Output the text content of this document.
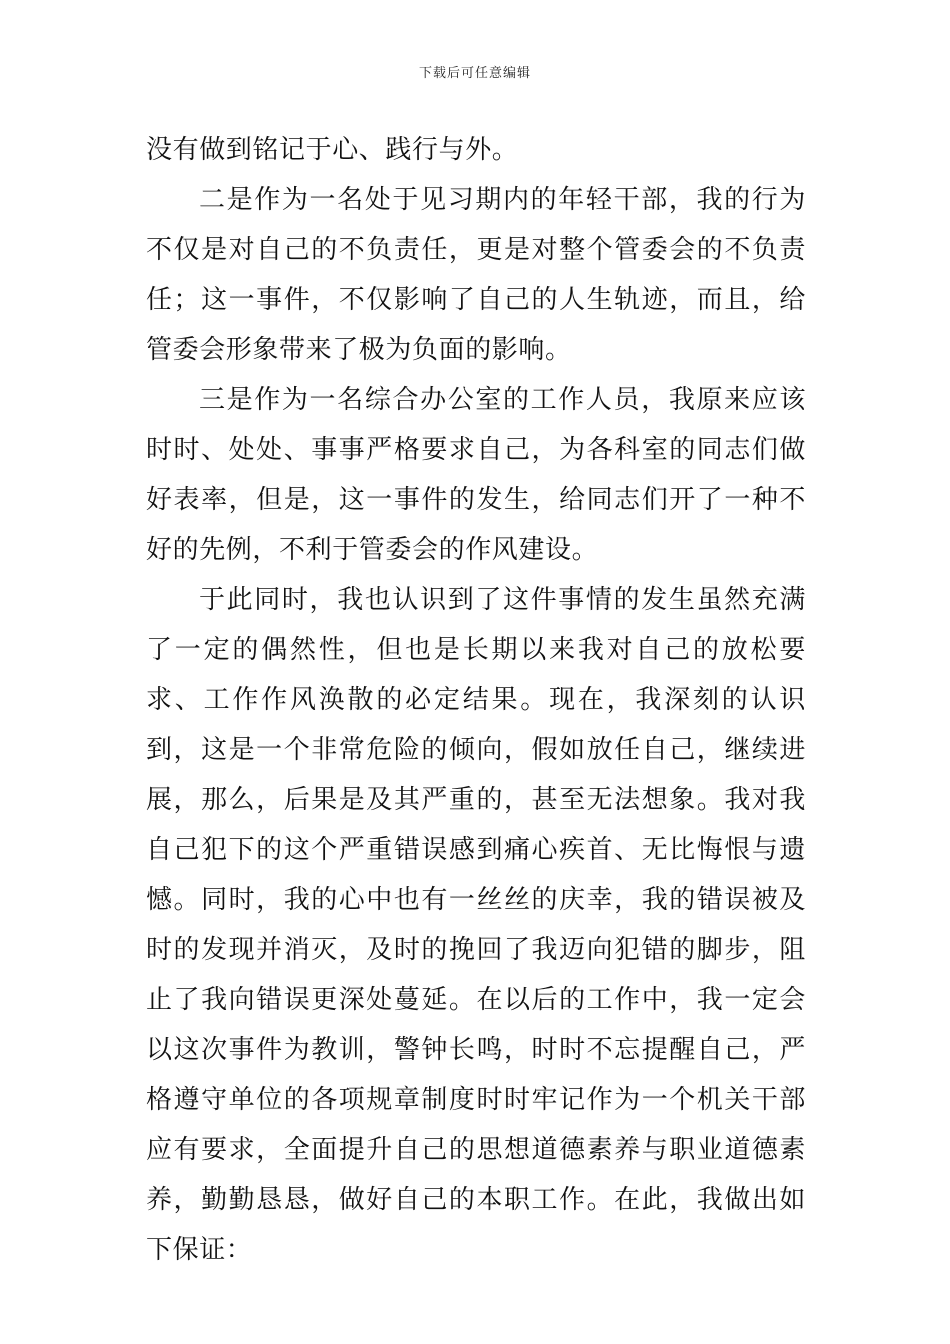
下载后可任意编辑

没有做到铭记于心、践行与外。

二是作为一名处于见习期内的年轻干部，我的行为不仅是对自己的不负责任，更是对整个管委会的不负责任；这一事件，不仅影响了自己的人生轨迹，而且，给管委会形象带来了极为负面的影响。

三是作为一名综合办公室的工作人员，我原来应该时时、处处、事事严格要求自己，为各科室的同志们做好表率，但是，这一事件的发生，给同志们开了一种不好的先例，不利于管委会的作风建设。

于此同时，我也认识到了这件事情的发生虽然充满了一定的偶然性，但也是长期以来我对自己的放松要求、工作作风涣散的必定结果。现在，我深刻的认识到，这是一个非常危险的倾向，假如放任自己，继续进展，那么，后果是及其严重的，甚至无法想象。我对我自己犯下的这个严重错误感到痛心疾首、无比悔恨与遗憾。同时，我的心中也有一丝丝的庆幸，我的错误被及时的发现并消灭，及时的挽回了我迈向犯错的脚步，阻止了我向错误更深处蔓延。在以后的工作中，我一定会以这次事件为教训，警钟长鸣，时时不忘提醒自己，严格遵守单位的各项规章制度时时牢记作为一个机关干部应有要求，全面提升自己的思想道德素养与职业道德素养，勤勤恳恳，做好自己的本职工作。在此，我做出如下保证：
